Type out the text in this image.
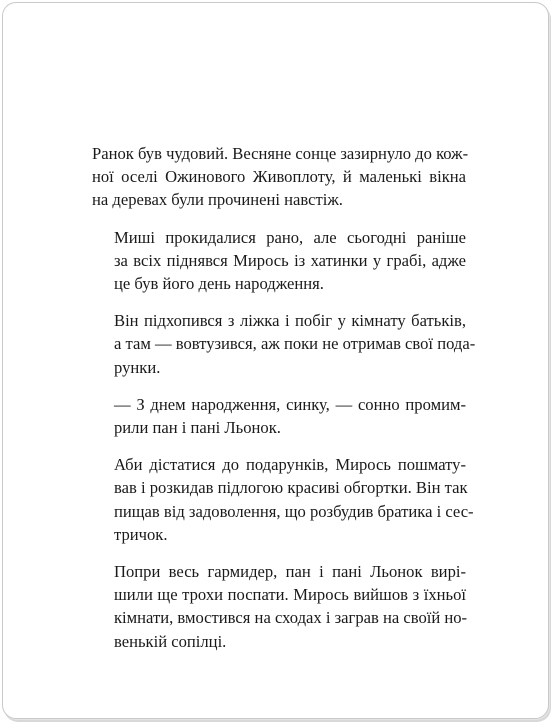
Ранок був чудовий. Весняне сонце зазирнуло до кож-
ної оселі Ожинового Живоплоту, й маленькі вікна
на деревах були прочинені навстіж.

Миші прокидалися рано, але сьогодні раніше
за всіх піднявся Мирось із хатинки у грабі, адже
це був його день народження.

Він підхопився з ліжка і побіг у кімнату батьків,
а там — вовтузився, аж поки не отримав свої пода-
рунки.

— З днем народження, синку, — сонно промим-
рили пан і пані Льонок.

Аби дістатися до подарунків, Мирось пошмату-
вав і розкидав підлогою красиві обгортки. Він так
пищав від задоволення, що розбудив братика і сес-
тричок.

Попри весь гармидер, пан і пані Льонок вирі-
шили ще трохи поспати. Мирось вийшов з їхньої
кімнати, вмостився на сходах і заграв на своїй но-
венькій сопілці.
